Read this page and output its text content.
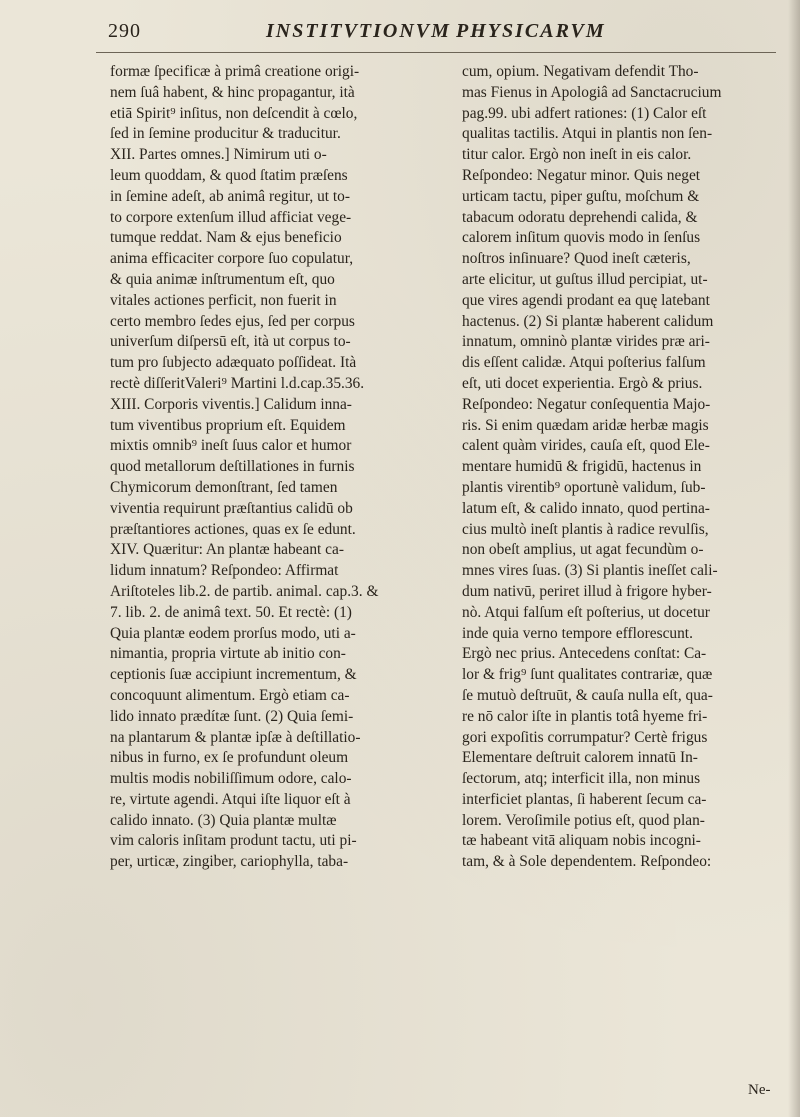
290	INSTITVTIONVM PHYSICARVM
formæ ſpecificæ à primâ creatione origi-
nem ſuâ habent, & hinc propagantur, ità
etiā Spirit⁹ inſitus, non deſcendit à cœlo,
ſed in ſemine producitur & traducitur.
XII. Partes omnes.] Nimirum uti o-
leum quoddam, & quod ſtatim præſens
in ſemine adeſt, ab animâ regitur, ut to-
to corpore extenſum illud afficiat vege-
tumque reddat. Nam & ejus beneficio
anima efficaciter corpore ſuo copulatur,
& quia animæ inſtrumentum eſt, quo
vitales actiones perficit, non fuerit in
certo membro ſedes ejus, ſed per corpus
univerſum diſpersū eſt, ità ut corpus to-
tum pro ſubjecto adæquato poſſideat. Ità
rectè diſſeritValeri⁹ Martini l.d.cap.35.36.
XIII. Corporis viventis.] Calidum inna-
tum viventibus proprium eſt. Equidem
mixtis omnib⁹ ineſt ſuus calor et humor
quod metallorum deſtillationes in furnis
Chymicorum demonſtrant, ſed tamen
viventia requirunt præſtantius calidū ob
præſtantiores actiones, quas ex ſe edunt.
XIV. Quæritur: An plantæ habeant ca-
lidum innatum? Reſpondeo: Affirmat
Ariſtoteles lib.2. de partib. animal. cap.3. &
7. lib. 2. de animâ text. 50. Et rectè: (1)
Quia plantæ eodem prorſus modo, uti a-
nimantia, propria virtute ab initio con-
ceptionis ſuæ accipiunt incrementum, &
concoquunt alimentum. Ergò etiam ca-
lido innato prædítæ ſunt. (2) Quia ſemi-
na plantarum & plantæ ipſæ à deſtillatio-
nibus in furno, ex ſe profundunt oleum
multis modis nobiliſſimum odore, calo-
re, virtute agendi. Atqui iſte liquor eſt à
calido innato. (3) Quia plantæ multæ
vim caloris inſitam produnt tactu, uti pi-
per, urticæ, zingiber, cariophylla, taba-
cum, opium. Negativam defendit Tho-
mas Fienus in Apologiâ ad Sanctacrucium
pag.99. ubi adfert rationes: (1) Calor eſt
qualitas tactilis. Atqui in plantis non ſen-
titur calor. Ergò non ineſt in eis calor.
Reſpondeo: Negatur minor. Quis neget
urticam tactu, piper guſtu, moſchum &
tabacum odoratu deprehendi calida, &
calorem inſitum quovis modo in ſenſus
noſtros inſinuare? Quod ineſt cæteris,
arte elicitur, ut guſtus illud percipiat, ut-
que vires agendi prodant ea quę latebant
hactenus. (2) Si plantæ haberent calidum
innatum, omninò plantæ virides præ ari-
dis eſſent calidæ. Atqui poſterius falſum
eſt, uti docet experientia. Ergò & prius.
Reſpondeo: Negatur conſequentia Majo-
ris. Si enim quædam aridæ herbæ magis
calent quàm virides, cauſa eſt, quod Ele-
mentare humidū & frigidū, hactenus in
plantis virentib⁹ oportunè validum, ſub-
latum eſt, & calido innato, quod pertina-
cius multò ineſt plantis à radice revulſis,
non obeſt amplius, ut agat fecundùm o-
mnes vires ſuas. (3) Si plantis ineſſet cali-
dum nativū, periret illud à frigore hyber-
nò. Atqui falſum eſt poſterius, ut docetur
inde quia verno tempore efflorescunt.
Ergò nec prius. Antecedens conſtat: Ca-
lor & frig⁹ ſunt qualitates contrariæ, quæ
ſe mutuò deſtruūt, & cauſa nulla eſt, qua-
re nō calor iſte in plantis totâ hyeme fri-
gori expoſitis corrumpatur? Certè frigus
Elementare deſtruit calorem innatū In-
ſectorum, atq; interficit illa, non minus
interficiet plantas, ſi haberent ſecum ca-
lorem. Veroſimile potius eſt, quod plan-
tæ habeant vitā aliquam nobis incogni-
tam, & à Sole dependentem. Reſpondeo:
Ne-
